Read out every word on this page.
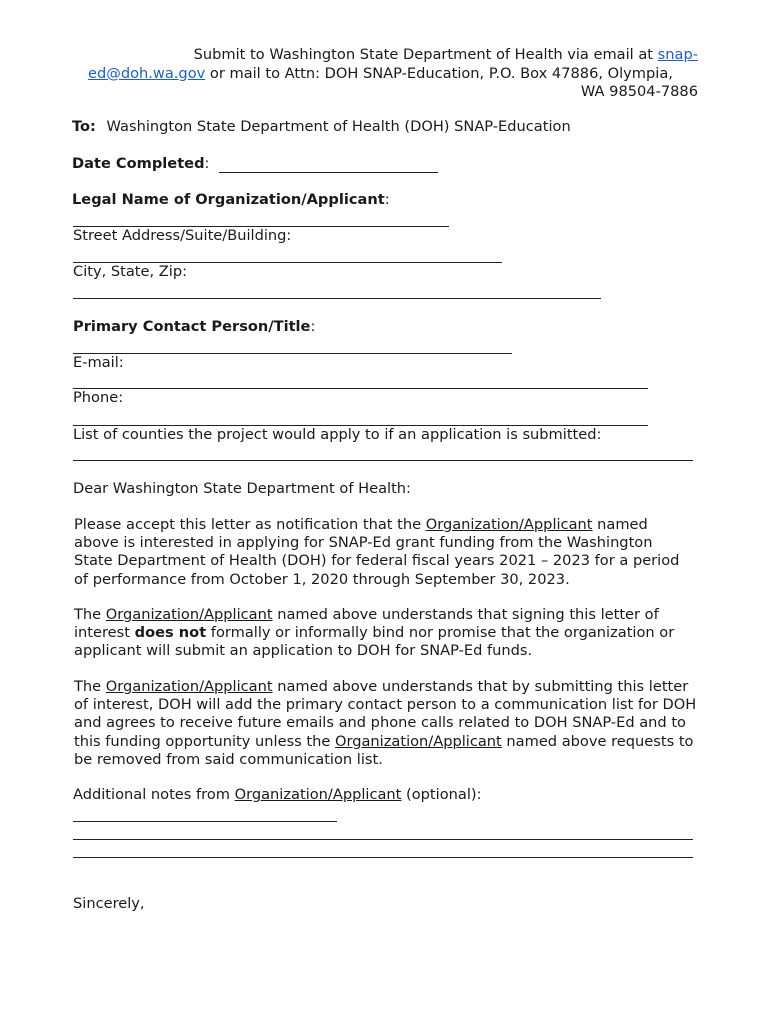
Submit to Washington State Department of Health via email at snap-
ed@doh.wa.gov or mail to Attn: DOH SNAP-Education, P.O. Box 47886, Olympia,
WA 98504-7886
To: Washington State Department of Health (DOH) SNAP-Education
Date Completed:
Legal Name of Organization/Applicant:
Street Address/Suite/Building:
City, State, Zip:
Primary Contact Person/Title:
E-mail:
Phone:
List of counties the project would apply to if an application is submitted:
Dear Washington State Department of Health:
Please accept this letter as notification that the Organization/Applicant named above is interested in applying for SNAP-Ed grant funding from the Washington State Department of Health (DOH) for federal fiscal years 2021 – 2023 for a period of performance from October 1, 2020 through September 30, 2023.
The Organization/Applicant named above understands that signing this letter of interest does not formally or informally bind nor promise that the organization or applicant will submit an application to DOH for SNAP-Ed funds.
The Organization/Applicant named above understands that by submitting this letter of interest, DOH will add the primary contact person to a communication list for DOH and agrees to receive future emails and phone calls related to DOH SNAP-Ed and to this funding opportunity unless the Organization/Applicant named above requests to be removed from said communication list.
Additional notes from Organization/Applicant (optional):
Sincerely,
